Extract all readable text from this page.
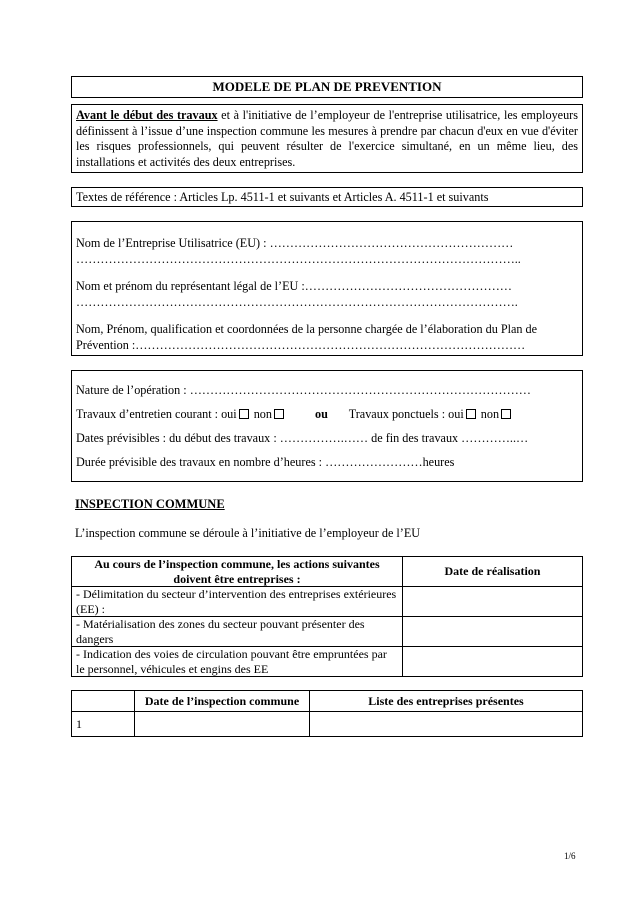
MODELE DE PLAN DE PREVENTION
Avant le début des travaux et à l'initiative de l’employeur de l'entreprise utilisatrice, les employeurs définissent à l’issue d’une inspection commune les mesures à prendre par chacun d'eux en vue d'éviter les risques professionnels, qui peuvent résulter de l'exercice simultané, en un même lieu, des installations et activités des deux entreprises.
Textes de référence : Articles Lp. 4511-1 et suivants et Articles A. 4511-1 et suivants

Nom de l’Entreprise Utilisatrice (EU) : ……………………………………………………

………………………………………………………………………………………………..

Nom et prénom du représentant légal de l’EU :……………………………………………

……………………………………………………………………………………………….

Nom, Prénom, qualification et coordonnées de la personne chargée de l’élaboration du Plan de Prévention :……………………………………………………………………………………

Nature de l’opération : …………………………………………………………………………

Travaux d’entretien courant : oui non	ou Travaux ponctuels : oui non

Dates prévisibles : du début des travaux : …………….…… de fin des travaux …………..…

Durée prévisible des travaux en nombre d’heures : ……………………heures

INSPECTION COMMUNE
L’inspection commune se déroule à l’initiative de l’employeur de l’EU
Au cours de l’inspection commune, les actions suivantes doivent être entreprises :	Date de réalisation
- Délimitation du secteur d’intervention des entreprises extérieures (EE) :	
- Matérialisation des zones du secteur pouvant présenter des dangers	
- Indication des voies de circulation pouvant être empruntées par le personnel, véhicules et engins des EE	
	Date de l’inspection commune	Liste des entreprises présentes
1		
1/6
